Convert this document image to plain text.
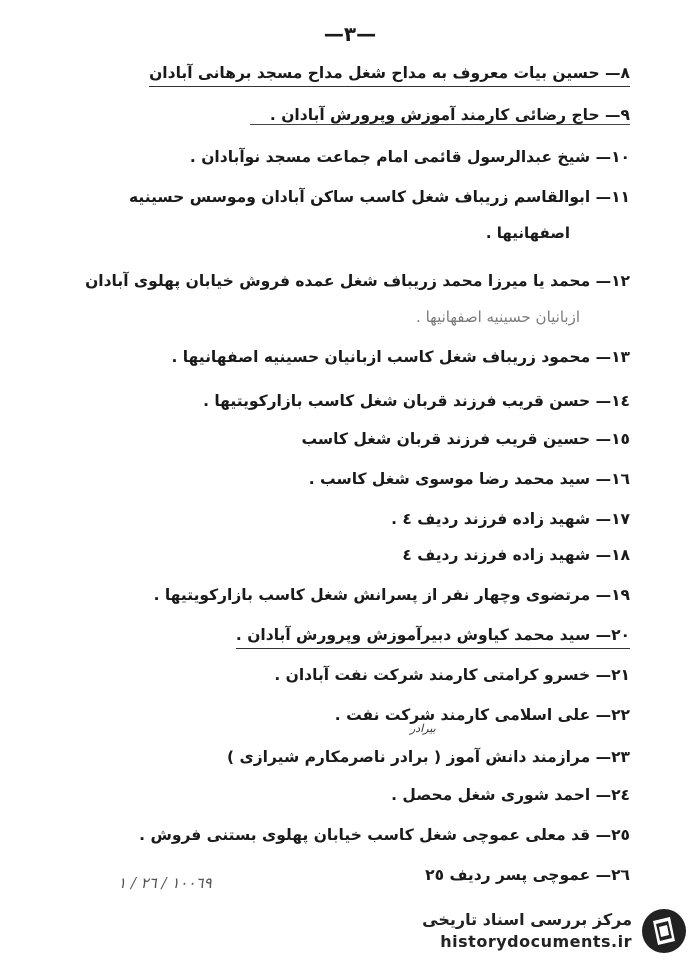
—٣—
٨— حسین بیات معروف به مداح شغل مداح مسجد برهانی آبادان
٩— حاج رضائی کارمند آموزش وپرورش آبادان .
١٠— شیخ عبدالرسول قائمی امام جماعت مسجد نوآبادان .
١١— ابوالقاسم زریباف شغل کاسب ساکن آبادان وموسس حسینیه
اصفهانیها .
١٢— محمد یا میرزا محمد زریباف شغل عمده فروش خیابان پهلوی آبادان
ازبانیان حسینیه اصفهانیها .
١٣— محمود زریباف شغل کاسب ازبانیان حسینیه اصفهانیها .
١٤— حسن قریب فرزند قربان شغل کاسب بازارکویتیها .
١٥— حسین قریب فرزند قربان شغل کاسب
١٦— سید محمد رضا موسوی شغل کاسب .
١٧— شهید زاده فرزند ردیف ٤ .
١٨— شهید زاده فرزند ردیف ٤
١٩— مرتضوی وچهار نفر از پسرانش شغل کاسب بازارکویتیها .
٢٠— سید محمد کیاوش دبیرآموزش وپرورش آبادان .
٢١— خسرو کرامتی کارمند شرکت نفت آبادان .
٢٢— علی اسلامی کارمند شرکت نفت .
بیرادر
٢٣— مرازمند دانش آموز ( برادر ناصرمکارم شیرازی )
٢٤— احمد شوری شغل محصل .
٢٥— قد معلی عموچی شغل کاسب خیابان پهلوی بستنی فروش .
٢٦— عموچی پسر ردیف ٢٥
١٠٠٦٩ / ٢٦ / ١
مرکز بررسی اسناد تاریخی
historydocuments.ir
